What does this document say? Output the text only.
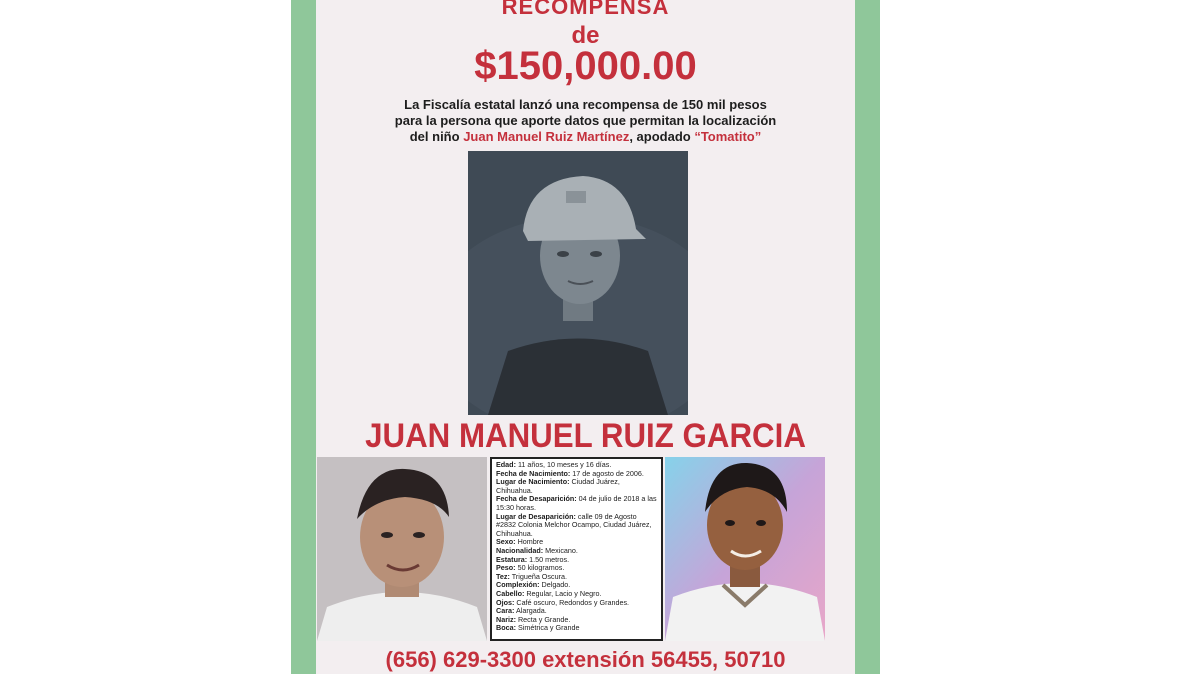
RECOMPENSA
de
$150,000.00
La Fiscalía estatal lanzó una recompensa de 150 mil pesos
para la persona que aporte datos que permitan la localización
del niño Juan Manuel Ruiz Martínez, apodado “Tomatito”
JUAN MANUEL RUIZ GARCIA
Edad: 11 años, 10 meses y 16 días.
Fecha de Nacimiento: 17 de agosto de 2006.
Lugar de Nacimiento: Ciudad Juárez, Chihuahua.
Fecha de Desaparición: 04 de julio de 2018 a las 15:30 horas.
Lugar de Desaparición: calle 09 de Agosto #2832 Colonia Melchor Ocampo, Ciudad Juárez, Chihuahua.
Sexo: Hombre
Nacionalidad: Mexicano.
Estatura: 1.50 metros.
Peso: 50 kilogramos.
Tez: Trigueña Oscura.
Complexión: Delgado.
Cabello: Regular, Lacio y Negro.
Ojos: Café oscuro, Redondos y Grandes.
Cara: Alargada.
Nariz: Recta y Grande.
Boca: Simétrica y Grande
(656) 629-3300 extensión 56455, 50710
